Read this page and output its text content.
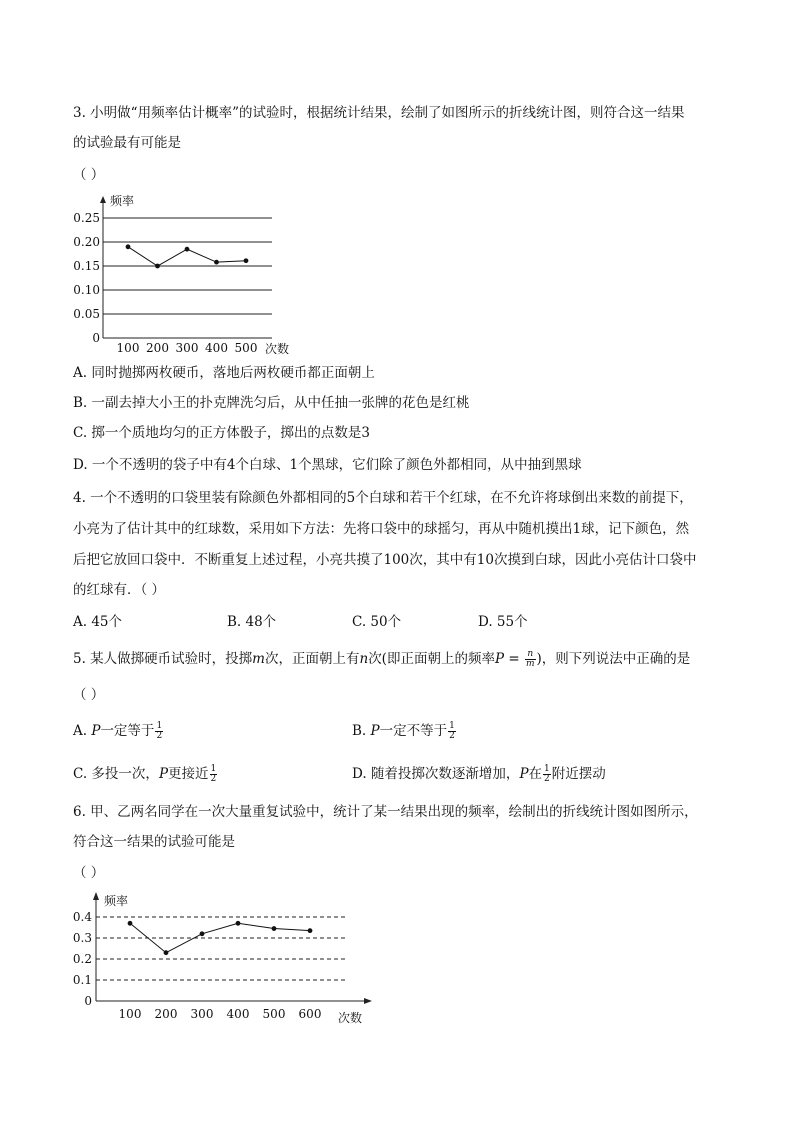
3. 小明做“用频率估计概率”的试验时，根据统计结果，绘制了如图所示的折线统计图，则符合这一结果
的试验最有可能是
（ ）
频率
次数
0
0.05
0.10
0.15
0.20
0.25
100 200 300 400 500
A. 同时抛掷两枚硬币，落地后两枚硬币都正面朝上
B. 一副去掉大小王的扑克牌洗匀后，从中任抽一张牌的花色是红桃
C. 掷一个质地均匀的正方体骰子，掷出的点数是3
D. 一个不透明的袋子中有4个白球、1个黑球，它们除了颜色外都相同，从中抽到黑球
4. 一个不透明的口袋里装有除颜色外都相同的5个白球和若干个红球，在不允许将球倒出来数的前提下，
小亮为了估计其中的红球数，采用如下方法：先将口袋中的球摇匀，再从中随机摸出1球，记下颜色，然
后把它放回口袋中．不断重复上述过程，小亮共摸了100次，其中有10次摸到白球，因此小亮估计口袋中
的红球有．（ ）
A. 45个	B. 48个	C. 50个	D. 55个
5. 某人做掷硬币试验时，投掷m次，正面朝上有n次(即正面朝上的频率$P = \frac{n}{m}$ )，则下列说法中正确的是
（ ）
A. P一定等于 $\frac{1}{2}$	B. P一定不等于 $\frac{1}{2}$
C. 多投一次，P更接近 $\frac{1}{2}$	D. 随着投掷次数逐渐增加，P在 $\frac{1}{2}$ 附近摆动
6. 甲、乙两名同学在一次大量重复试验中，统计了某一结果出现的频率，绘制出的折线统计图如图所示，
符合这一结果的试验可能是
（ ）
频率
次数
0
0.1
0.2
0.3
0.4
100 200 300 400 500 600
